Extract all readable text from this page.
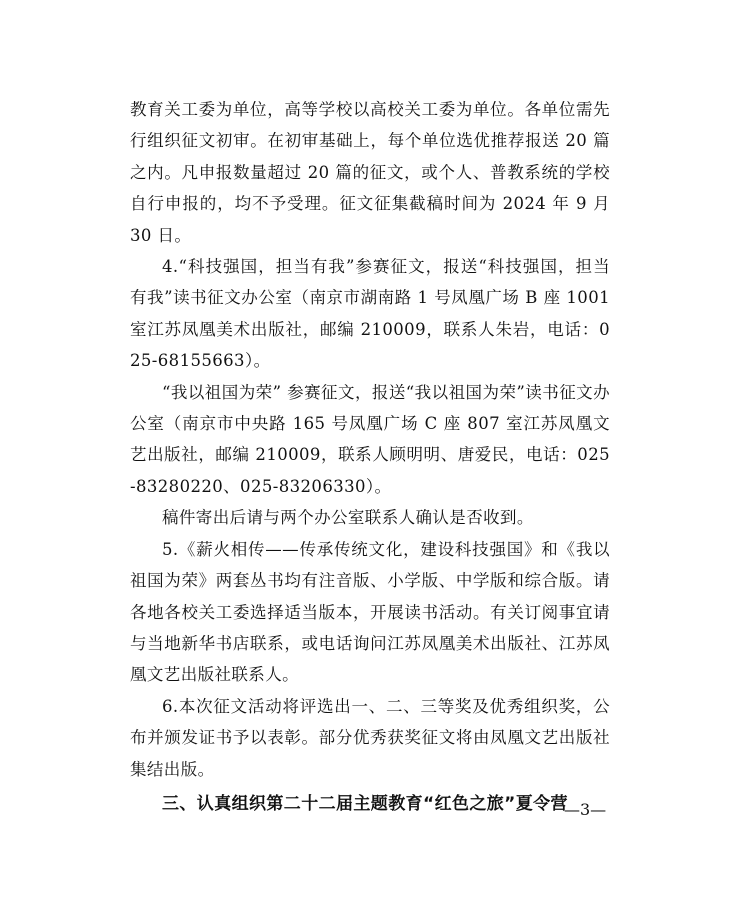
教育关工委为单位，高等学校以高校关工委为单位。各单位需先行组织征文初审。在初审基础上，每个单位选优推荐报送 20 篇之内。凡申报数量超过 20 篇的征文，或个人、普教系统的学校自行申报的，均不予受理。征文征集截稿时间为 2024 年 9 月 30 日。

4.“科技强国，担当有我”参赛征文，报送“科技强国，担当有我”读书征文办公室（南京市湖南路 1 号凤凰广场 B 座 1001 室江苏凤凰美术出版社，邮编 210009，联系人朱岩，电话：025-68155663）。

“我以祖国为荣” 参赛征文，报送“我以祖国为荣”读书征文办公室（南京市中央路 165 号凤凰广场 C 座 807 室江苏凤凰文艺出版社，邮编 210009，联系人顾明明、唐爱民，电话：025-83280220、025-83206330）。

稿件寄出后请与两个办公室联系人确认是否收到。

5.《薪火相传——传承传统文化，建设科技强国》和《我以祖国为荣》两套丛书均有注音版、小学版、中学版和综合版。请各地各校关工委选择适当版本，开展读书活动。有关订阅事宜请与当地新华书店联系，或电话询问江苏凤凰美术出版社、江苏凤凰文艺出版社联系人。

6.本次征文活动将评选出一、二、三等奖及优秀组织奖，公布并颁发证书予以表彰。部分优秀获奖征文将由凤凰文艺出版社集结出版。

三、认真组织第二十二届主题教育“红色之旅”夏令营

—3—
